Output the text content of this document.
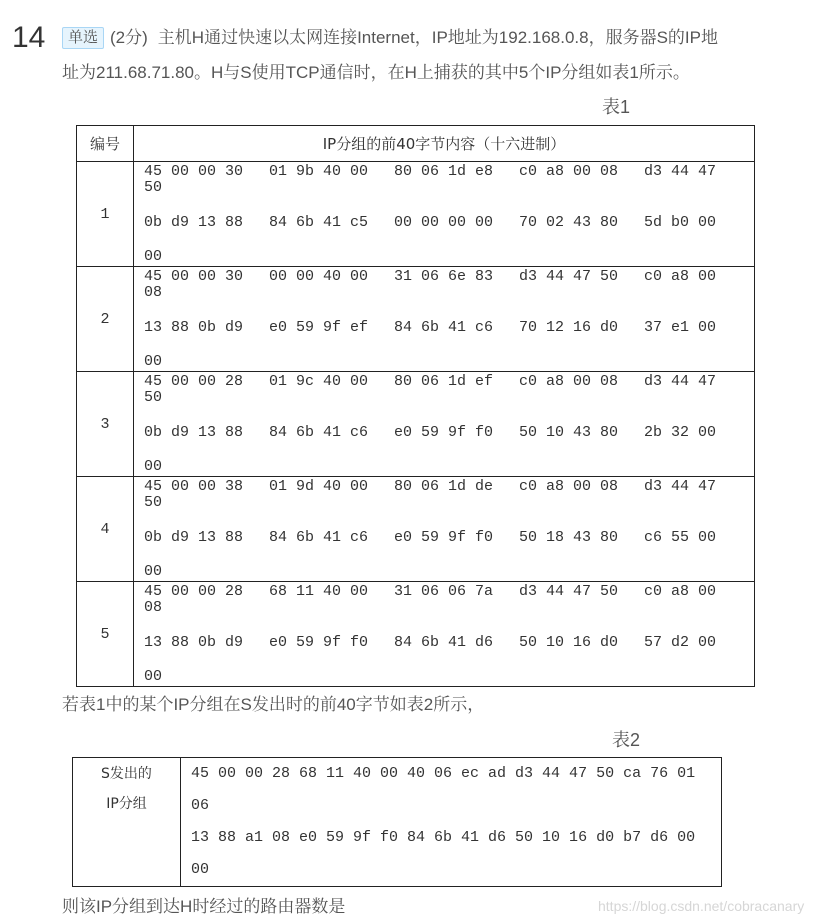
14	单选 (2分) 主机H通过快速以太网连接Internet，IP地址为192.168.0.8，服务器S的IP地
址为211.68.71.80。H与S使用TCP通信时，在H上捕获的其中5个IP分组如表1所示。
表1
编号	IP分组的前40字节内容（十六进制）
1	
45 00 00 30	01 9b 40 00	80 06 1d e8	c0 a8 00 08	d3 44 47
50
0b d9 13 88	84 6b 41 c5	00 00 00 00	70 02 43 80	5d b0 00
00

2	
45 00 00 30	00 00 40 00	31 06 6e 83	d3 44 47 50	c0 a8 00
08
13 88 0b d9	e0 59 9f ef	84 6b 41 c6	70 12 16 d0	37 e1 00
00

3	
45 00 00 28	01 9c 40 00	80 06 1d ef	c0 a8 00 08	d3 44 47
50
0b d9 13 88	84 6b 41 c6	e0 59 9f f0	50 10 43 80	2b 32 00
00

4	
45 00 00 38	01 9d 40 00	80 06 1d de	c0 a8 00 08	d3 44 47
50
0b d9 13 88	84 6b 41 c6	e0 59 9f f0	50 18 43 80	c6 55 00
00

5	
45 00 00 28	68 11 40 00	31 06 06 7a	d3 44 47 50	c0 a8 00
08
13 88 0b d9	e0 59 9f f0	84 6b 41 d6	50 10 16 d0	57 d2 00
00
若表1中的某个IP分组在S发出时的前40字节如表2所示，
表2
S发出的
IP分组

45 00 00 28 68 11 40 00 40 06 ec ad d3 44 47 50 ca 76 01
06
13 88 a1 08 e0 59 9f f0 84 6b 41 d6 50 10 16 d0 b7 d6 00
00
则该IP分组到达H时经过的路由器数是	https://blog.csdn.net/cobracanary
